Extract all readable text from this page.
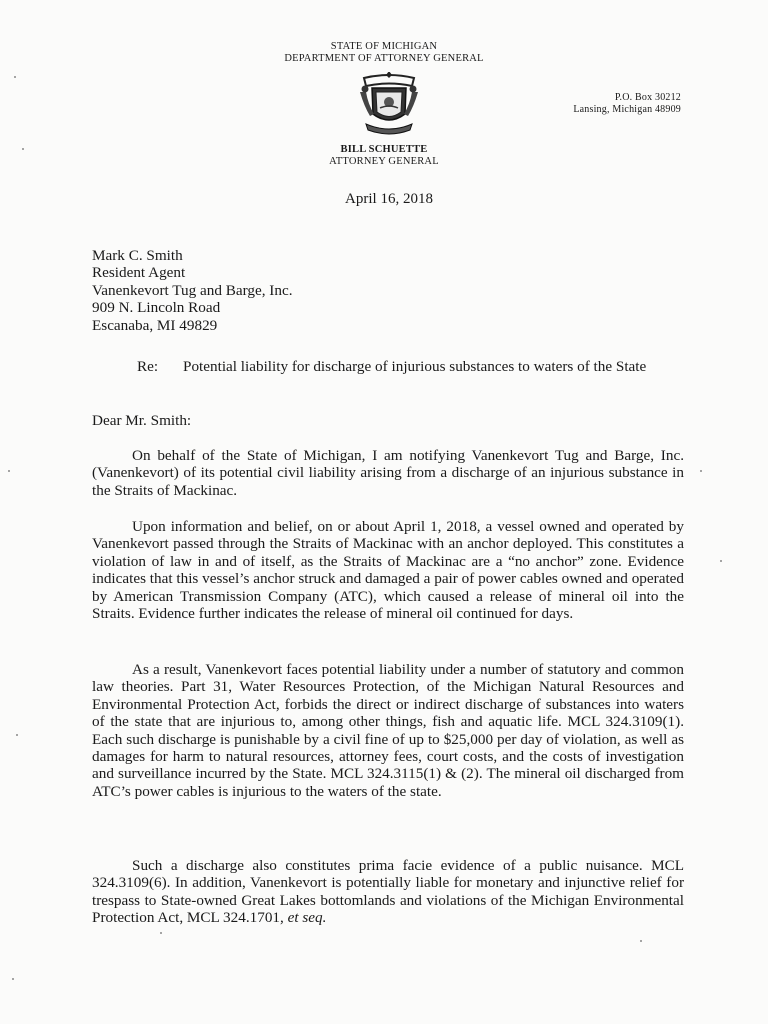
STATE OF MICHIGAN
DEPARTMENT OF ATTORNEY GENERAL
P.O. Box 30212
Lansing, Michigan 48909
BILL SCHUETTE
ATTORNEY GENERAL
April 16, 2018
Mark C. Smith
Resident Agent
Vanenkevort Tug and Barge, Inc.
909 N. Lincoln Road
Escanaba, MI 49829
Re: Potential liability for discharge of injurious substances to waters of the State
Dear Mr. Smith:
On behalf of the State of Michigan, I am notifying Vanenkevort Tug and Barge, Inc. (Vanenkevort) of its potential civil liability arising from a discharge of an injurious substance in the Straits of Mackinac.
Upon information and belief, on or about April 1, 2018, a vessel owned and operated by Vanenkevort passed through the Straits of Mackinac with an anchor deployed. This constitutes a violation of law in and of itself, as the Straits of Mackinac are a “no anchor” zone. Evidence indicates that this vessel’s anchor struck and damaged a pair of power cables owned and operated by American Transmission Company (ATC), which caused a release of mineral oil into the Straits. Evidence further indicates the release of mineral oil continued for days.
As a result, Vanenkevort faces potential liability under a number of statutory and common law theories. Part 31, Water Resources Protection, of the Michigan Natural Resources and Environmental Protection Act, forbids the direct or indirect discharge of substances into waters of the state that are injurious to, among other things, fish and aquatic life. MCL 324.3109(1). Each such discharge is punishable by a civil fine of up to $25,000 per day of violation, as well as damages for harm to natural resources, attorney fees, court costs, and the costs of investigation and surveillance incurred by the State. MCL 324.3115(1) & (2). The mineral oil discharged from ATC’s power cables is injurious to the waters of the state.
Such a discharge also constitutes prima facie evidence of a public nuisance. MCL 324.3109(6). In addition, Vanenkevort is potentially liable for monetary and injunctive relief for trespass to State-owned Great Lakes bottomlands and violations of the Michigan Environmental Protection Act, MCL 324.1701, et seq.
